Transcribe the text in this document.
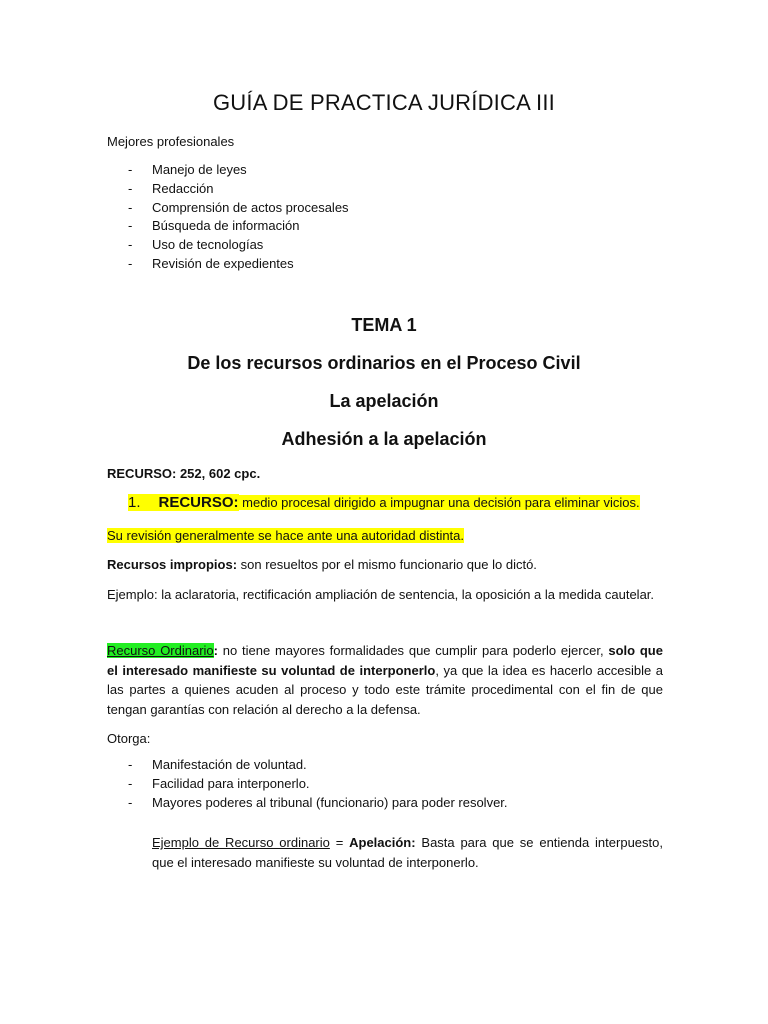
GUÍA DE PRACTICA JURÍDICA III
Mejores profesionales
- Manejo de leyes
- Redacción
- Comprensión de actos procesales
- Búsqueda de información
- Uso de tecnologías
- Revisión de expedientes
TEMA 1
De los recursos ordinarios en el Proceso Civil
La apelación
Adhesión a la apelación
RECURSO: 252, 602 cpc.
1. RECURSO: medio procesal dirigido a impugnar una decisión para eliminar vicios.
Su revisión generalmente se hace ante una autoridad distinta.
Recursos impropios: son resueltos por el mismo funcionario que lo dictó.
Ejemplo: la aclaratoria, rectificación ampliación de sentencia, la oposición a la medida cautelar.
Recurso Ordinario: no tiene mayores formalidades que cumplir para poderlo ejercer, solo que el interesado manifieste su voluntad de interponerlo, ya que la idea es hacerlo accesible a las partes a quienes acuden al proceso y todo este trámite procedimental con el fin de que tengan garantías con relación al derecho a la defensa.
Otorga:
- Manifestación de voluntad.
- Facilidad para interponerlo.
- Mayores poderes al tribunal (funcionario) para poder resolver.
Ejemplo de Recurso ordinario = Apelación: Basta para que se entienda interpuesto, que el interesado manifieste su voluntad de interponerlo.
